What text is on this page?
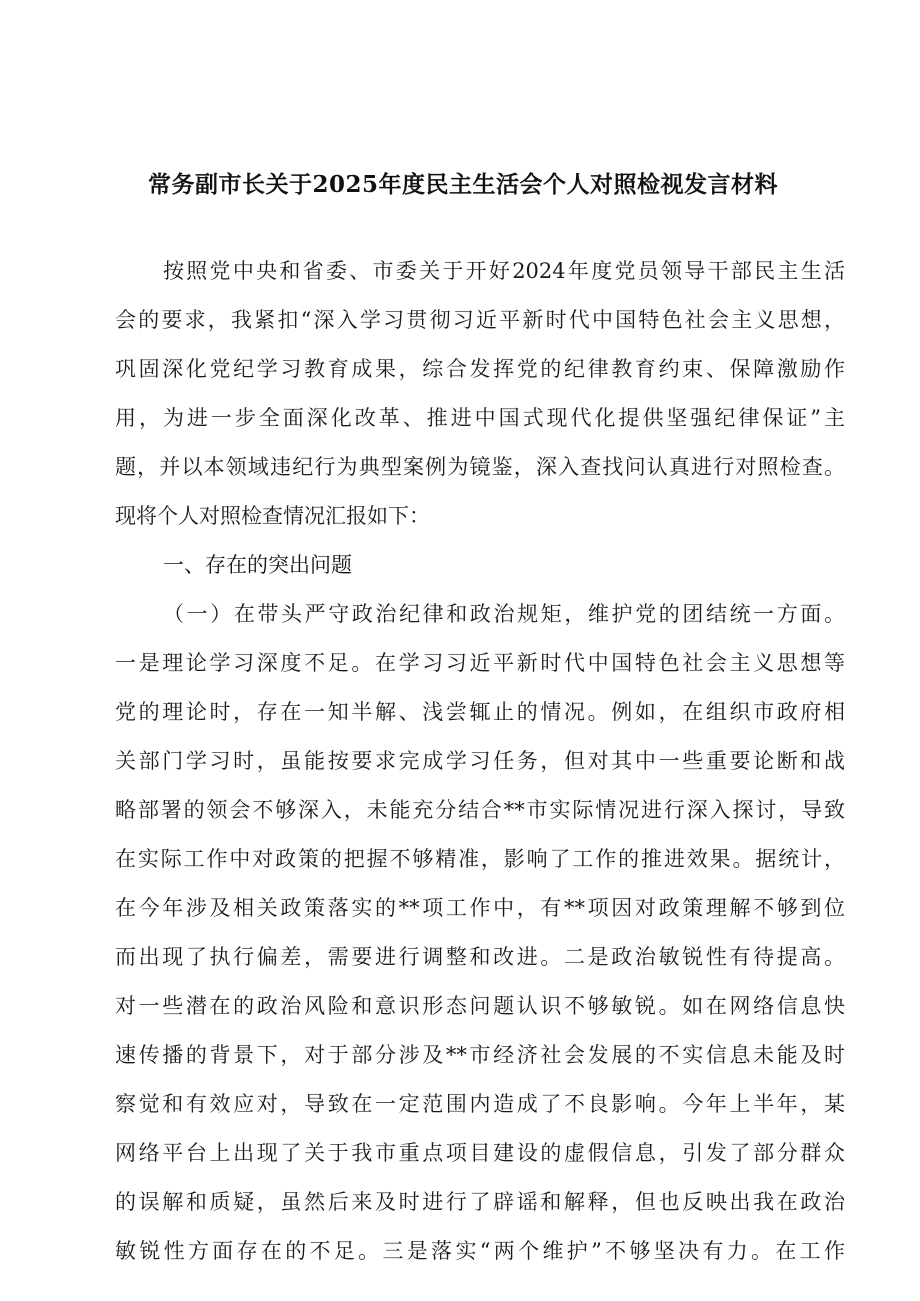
常务副市长关于2025年度民主生活会个人对照检视发言材料
按照党中央和省委、市委关于开好2024年度党员领导干部民主生活
会的要求，我紧扣“深入学习贯彻习近平新时代中国特色社会主义思想，
巩固深化党纪学习教育成果，综合发挥党的纪律教育约束、保障激励作
用，为进一步全面深化改革、推进中国式现代化提供坚强纪律保证”主
题，并以本领域违纪行为典型案例为镜鉴，深入查找问认真进行对照检查。
现将个人对照检查情况汇报如下：
一、存在的突出问题
（一）在带头严守政治纪律和政治规矩，维护党的团结统一方面。
一是理论学习深度不足。在学习习近平新时代中国特色社会主义思想等
党的理论时，存在一知半解、浅尝辄止的情况。例如，在组织市政府相
关部门学习时，虽能按要求完成学习任务，但对其中一些重要论断和战
略部署的领会不够深入，未能充分结合**市实际情况进行深入探讨，导致
在实际工作中对政策的把握不够精准，影响了工作的推进效果。据统计，
在今年涉及相关政策落实的**项工作中，有**项因对政策理解不够到位
而出现了执行偏差，需要进行调整和改进。二是政治敏锐性有待提高。
对一些潜在的政治风险和意识形态问题认识不够敏锐。如在网络信息快
速传播的背景下，对于部分涉及**市经济社会发展的不实信息未能及时
察觉和有效应对，导致在一定范围内造成了不良影响。今年上半年，某
网络平台上出现了关于我市重点项目建设的虚假信息，引发了部分群众
的误解和质疑，虽然后来及时进行了辟谣和解释，但也反映出我在政治
敏锐性方面存在的不足。三是落实“两个维护”不够坚决有力。在工作
